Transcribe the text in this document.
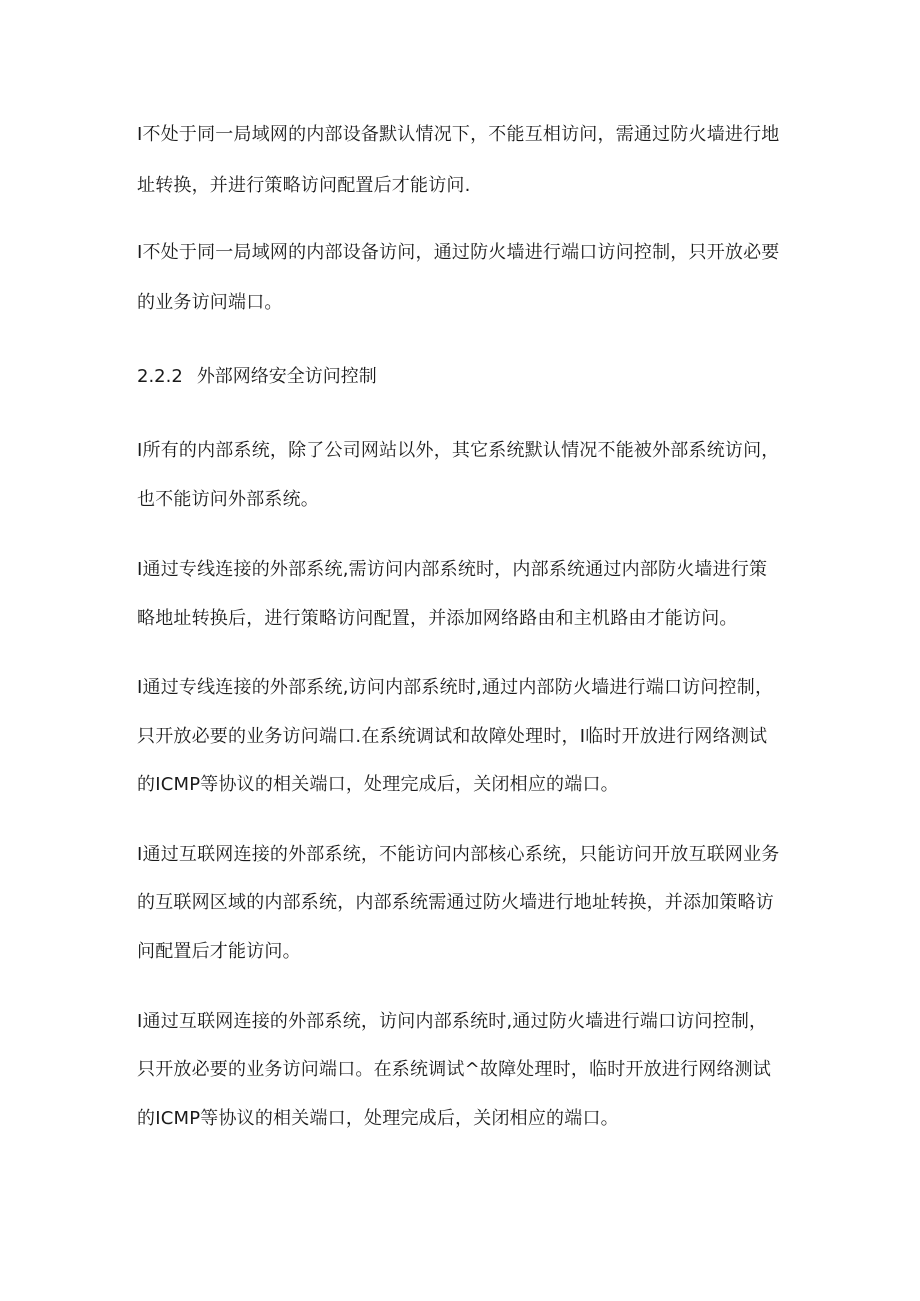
I不处于同一局域网的内部设备默认情况下，不能互相访问，需通过防火墙进行地

址转换，并进行策略访问配置后才能访问.

I不处于同一局域网的内部设备访问，通过防火墙进行端口访问控制，只开放必要

的业务访问端口。

2.2.2 外部网络安全访问控制

I所有的内部系统，除了公司网站以外，其它系统默认情况不能被外部系统访问，

也不能访问外部系统。

I通过专线连接的外部系统,需访问内部系统时，内部系统通过内部防火墙进行策

略地址转换后，进行策略访问配置，并添加网络路由和主机路由才能访问。

I通过专线连接的外部系统,访问内部系统时,通过内部防火墙进行端口访问控制，

只开放必要的业务访问端口.在系统调试和故障处理时，I临时开放进行网络测试

的ICMP等协议的相关端口，处理完成后，关闭相应的端口。

I通过互联网连接的外部系统，不能访问内部核心系统，只能访问开放互联网业务

的互联网区域的内部系统，内部系统需通过防火墙进行地址转换，并添加策略访

问配置后才能访问。

I通过互联网连接的外部系统，访问内部系统时,通过防火墙进行端口访问控制，

只开放必要的业务访问端口。在系统调试^故障处理时，临时开放进行网络测试

的ICMP等协议的相关端口，处理完成后，关闭相应的端口。
